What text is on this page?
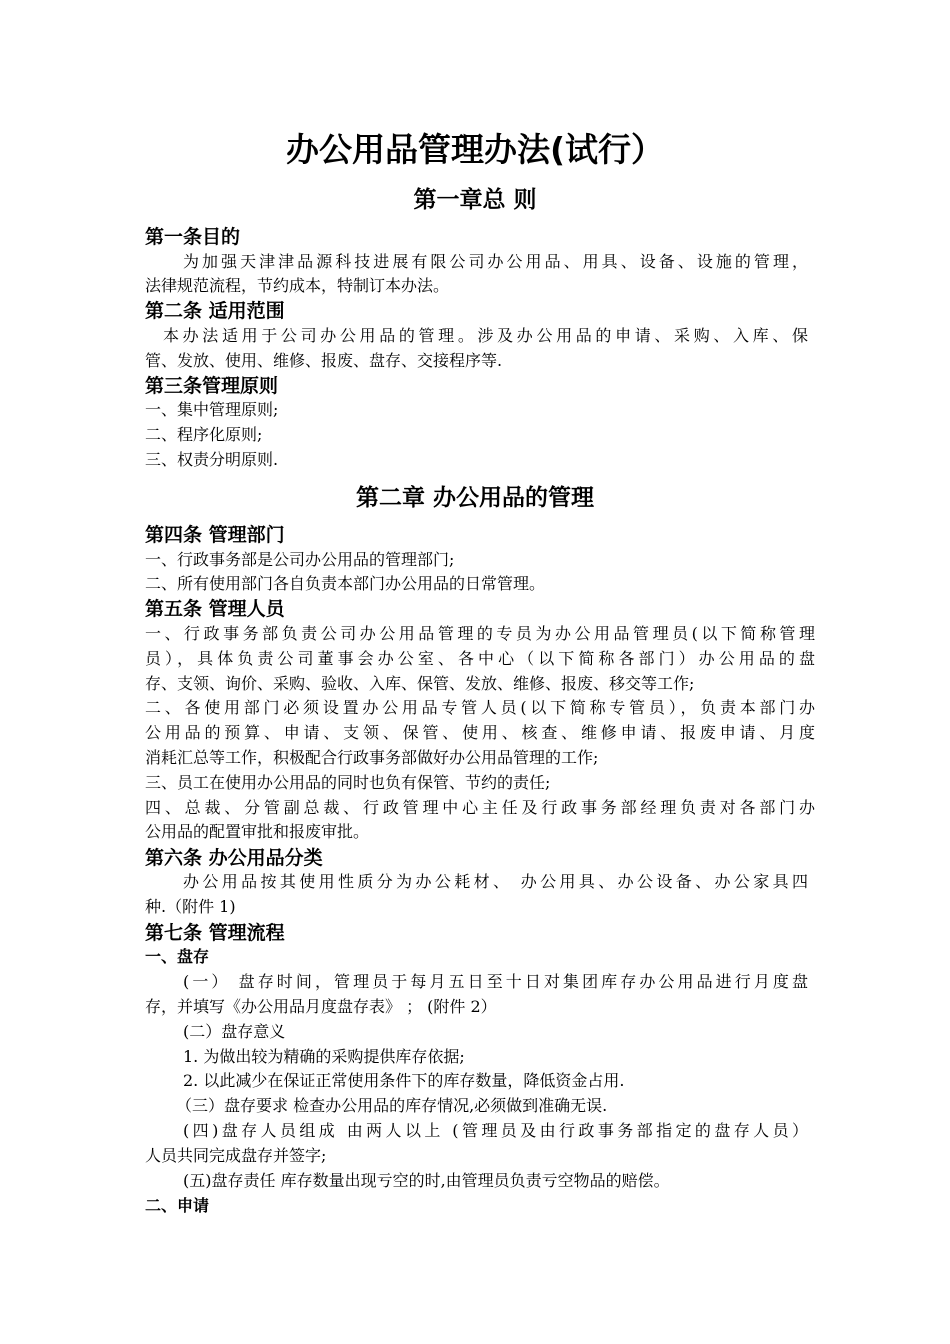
办公用品管理办法(试行）
第一章总 则
第一条目的
为加强天津津品源科技进展有限公司办公用品、用具、设备、设施的管理，
法律规范流程，节约成本，特制订本办法。
第二条 适用范围
本办法适用于公司办公用品的管理。涉及办公用品的申请、采购、入库、保
管、发放、使用、维修、报废、盘存、交接程序等.
第三条管理原则
一、集中管理原则;
二、程序化原则;
三、权责分明原则.
第二章 办公用品的管理
第四条 管理部门
一、行政事务部是公司办公用品的管理部门;
二、所有使用部门各自负责本部门办公用品的日常管理。
第五条 管理人员
一、行政事务部负责公司办公用品管理的专员为办公用品管理员(以下简称管理
员），具体负责公司董事会办公室、各中心（以下简称各部门）办公用品的盘
存、支领、询价、采购、验收、入库、保管、发放、维修、报废、移交等工作;
二、各使用部门必须设置办公用品专管人员(以下简称专管员），负责本部门办
公用品的预算、申请、支领、保管、使用、核查、维修申请、报废申请、月度
消耗汇总等工作，积极配合行政事务部做好办公用品管理的工作;
三、员工在使用办公用品的同时也负有保管、节约的责任;
四、总裁、分管副总裁、行政管理中心主任及行政事务部经理负责对各部门办
公用品的配置审批和报废审批。
第六条 办公用品分类
办公用品按其使用性质分为办公耗材、 办公用具、办公设备、办公家具四
种.（附件 1)
第七条 管理流程
一、盘存
(一） 盘存时间，管理员于每月五日至十日对集团库存办公用品进行月度盘
存，并填写《办公用品月度盘存表》 ； (附件 2）
(二）盘存意义
1. 为做出较为精确的采购提供库存依据;
2. 以此减少在保证正常使用条件下的库存数量，降低资金占用.
（三）盘存要求 检查办公用品的库存情况,必须做到准确无误.
(四)盘存人员组成 由两人以上 (管理员及由行政事务部指定的盘存人员）
人员共同完成盘存并签字;
(五)盘存责任 库存数量出现亏空的时,由管理员负责亏空物品的赔偿。
二、申请
